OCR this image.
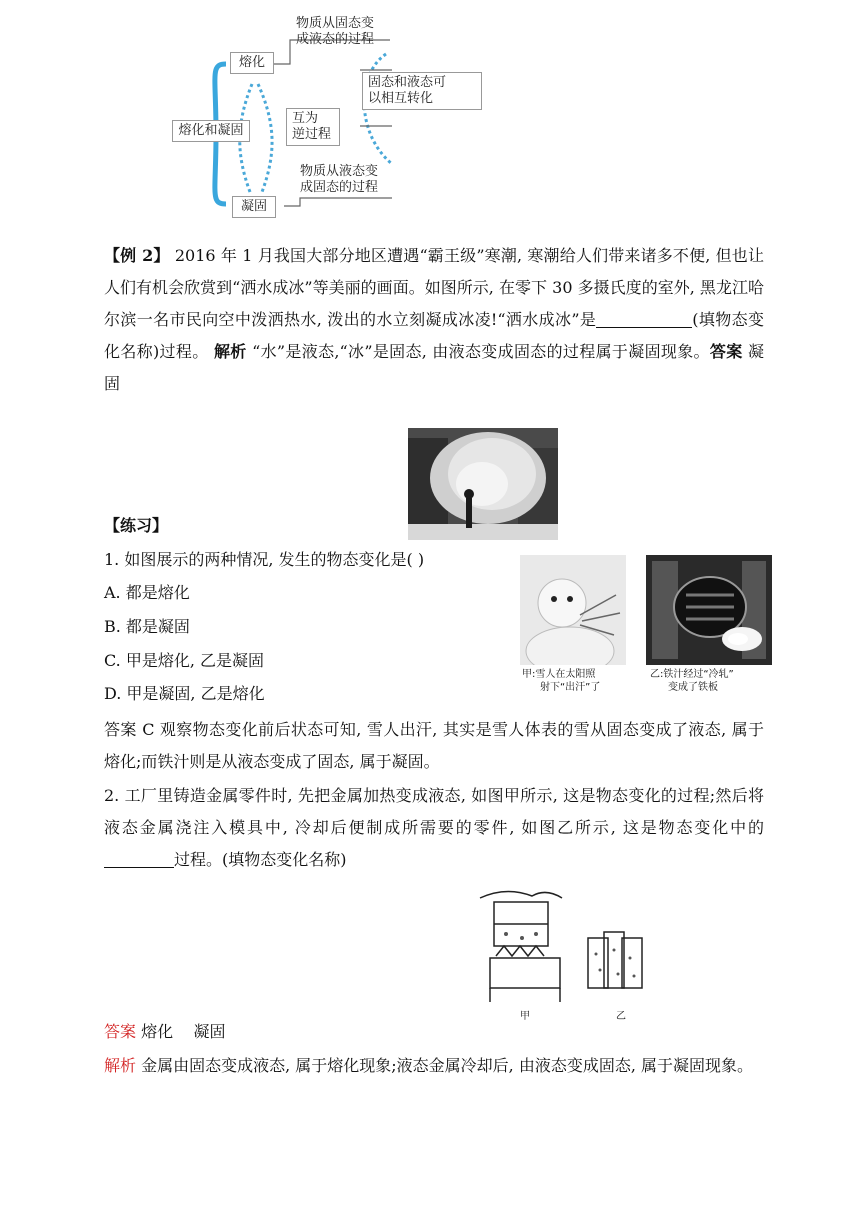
熔化和凝固
熔化
凝固
互为
逆过程
固态和液态可
以相互转化
物质从固态变
成液态的过程
物质从液态变
成固态的过程
【例 2】 2016 年 1 月我国大部分地区遭遇“霸王级”寒潮, 寒潮给人们带来诸多不便, 但也让人们有机会欣赏到“洒水成冰”等美丽的画面。如图所示, 在零下 30 多摄氏度的室外, 黑龙江哈尔滨一名市民向空中泼洒热水, 泼出的水立刻凝成冰凌!“洒水成冰”是	(填物态变化名称)过程。 解析 “水”是液态,“冰”是固态, 由液态变成固态的过程属于凝固现象。答案 凝固
【练习】
1. 如图展示的两种情况, 发生的物态变化是( )
A. 都是熔化
B. 都是凝固
C. 甲是熔化, 乙是凝固
D. 甲是凝固, 乙是熔化
甲:雪人在太阳照
射下“出汗”了
乙:铁汁经过“冷轧”
变成了铁板
答案 C 观察物态变化前后状态可知, 雪人出汗, 其实是雪人体表的雪从固态变成了液态, 属于熔化;而铁汁则是从液态变成了固态, 属于凝固。
2. 工厂里铸造金属零件时, 先把金属加热变成液态, 如图甲所示, 这是物态变化的过程;然后将液态金属浇注入模具中, 冷却后便制成所需要的零件, 如图乙所示, 这是物态变化中的过程。(填物态变化名称)
甲	乙
答案 熔化    凝固
解析 金属由固态变成液态, 属于熔化现象;液态金属冷却后, 由液态变成固态, 属于凝固现象。
